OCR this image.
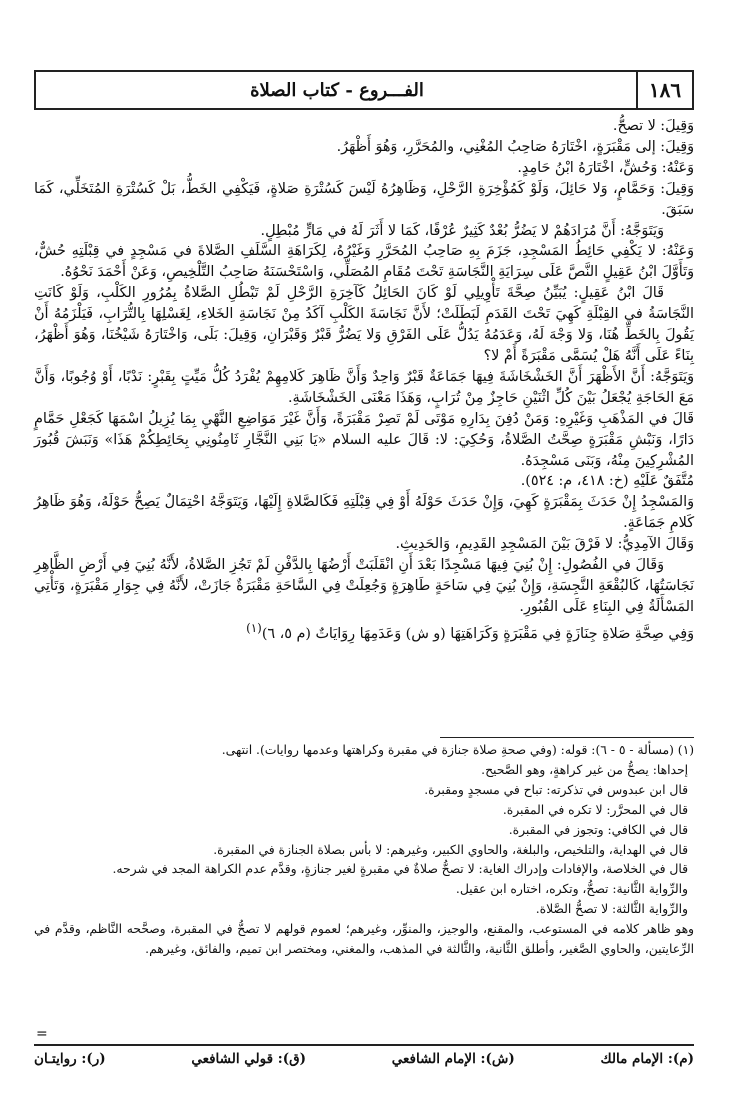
١٨٦
الفـــروع - كتاب الصلاة

وَقِيلَ: لا تصحُّ.

وَقِيلَ: إلى مَقْبَرَةٍ، اخْتَارَهُ صَاحِبُ المُغْنِي، والمُحَرَّرِ، وَهُوَ أَظْهَرُ.

وَعَنْهُ: وَحُشٍّ، اخْتَارَهُ ابْنُ حَامِدٍ.

وَقِيلَ: وَحَمَّامٍ، وَلا حَائِلَ، وَلَوْ كَمُؤْخِرَةِ الرَّحْلِ، وَظَاهِرُهُ لَيْسَ كَسُتْرَةِ صَلاةٍ، فَيَكْفِي الخَطُّ، بَلْ كَسُتْرَةِ المُتَخَلِّي، كَمَا سَبَقَ.

وَيَتَوَجَّهُ: أَنَّ مُرَادَهُمْ لا يَضُرُّ بُعْدٌ كَثِيرٌ عُرْفًا، كَمَا لا أَثَرَ لَهُ في مَارٍّ مُبْطِلٍ.

وَعَنْهُ: لا يَكْفِي حَائِطُ المَسْجِدِ، جَزَمَ بِهِ صَاحِبُ المُحَرَّرِ وَغَيْرُهُ، لِكَرَاهَةِ السَّلَفِ الصَّلاةَ في مَسْجِدٍ في قِبْلَتِهِ حُشٌّ، وَتَأَوَّلَ ابْنُ عَقِيلٍ النَّصَّ عَلَى سِرَايَةِ النَّجَاسَةِ تَحْتَ مُقَامِ المُصَلِّي، وَاسْتَحْسَنَهُ صَاحِبُ التَّلْخِيصِ، وَعَنْ أَحْمَدَ نَحْوُهُ.

قَالَ ابْنُ عَقِيلٍ: يُبَيِّنُ صِحَّةَ تَأْوِيلِي لَوْ كَانَ الحَائِلُ كَآخِرَةِ الرَّحْلِ لَمْ تَبْطُلِ الصَّلاةُ بِمُرُورِ الكَلْبِ، وَلَوْ كَانَتِ النَّجَاسَةُ في القِبْلَةِ كَهِيَ تَحْتَ القَدَمِ لَبَطَلَتْ؛ لأَنَّ نَجَاسَةَ الكَلْبِ آكَدُ مِنْ نَجَاسَةِ الخَلاءِ، لِغَسْلِهَا بِالتُّرَابِ، فَيَلْزَمُهُ أَنْ يَقُولَ بِالخَطِّ هُنَا، وَلا وَجْهَ لَهُ، وَعَدَمُهُ يَدُلُّ عَلَى الفَرْقِ وَلا يَضُرُّ قَبْرٌ وَقَبْرَانِ، وَقِيلَ: بَلَى، وَاخْتَارَهُ شَيْخُنَا، وَهُوَ أَظْهَرُ، بِنَاءً عَلَى أَنَّهُ هَلْ يُسَمَّى مَقْبَرَةً أَمْ لا؟

وَيَتَوَجَّهُ: أَنَّ الأَظْهَرَ أَنَّ الخَشْخَاشَةَ فِيهَا جَمَاعَةٌ قَبْرٌ وَاحِدٌ وَأَنَّ ظَاهِرَ كَلامِهِمْ يُفْرَدُ كُلُّ مَيِّتٍ بِقَبْرٍ: نَدْبًا، أَوْ وُجُوبًا، وَأَنَّ مَعَ الحَاجَةِ يُجْعَلُ بَيْنَ كُلِّ اثْنَيْنِ حَاجِزٌ مِنْ تُرَابٍ، وَهَذَا مَعْنَى الخَشْخَاشَةِ.

قَالَ في المَذْهَبِ وَغَيْرِهِ: وَمَنْ دُفِنَ بِدَارِهِ مَوْتَى لَمْ تَصِرْ مَقْبَرَةً، وَأَنَّ غَيْرَ مَوَاضِعِ النَّهْيِ بِمَا يُزِيلُ اسْمَهَا كَجَعْلِ حَمَّامٍ دَارًا، وَنَبْشِ مَقْبَرَةٍ صِحَّتُ الصَّلاةُ، وَحُكِيَ: لا: قَالَ عليه السلام «يَا بَنِي النَّجَّارِ ثَامِنُونِي بِحَائِطِكُمْ هَذَا» وَنَبَشَ قُبُورَ المُشْرِكِينَ مِنْهُ، وَبَنَى مَسْجِدَهُ.

مُتَّفَقٌ عَلَيْهِ (خ: ٤١٨، م: ٥٢٤).

وَالمَسْجِدُ إِنْ حَدَثَ بِمَقْبَرَةٍ كَهِيَ، وَإِنْ حَدَثَ حَوْلَهُ أَوْ فِي قِبْلَتِهِ فَكَالصَّلاةِ إِلَيْهَا، وَيَتَوَجَّهُ احْتِمَالٌ يَصِحُّ حَوْلَهُ، وَهُوَ ظَاهِرُ كَلامِ جَمَاعَةٍ.

وَقَالَ الآمِدِيُّ: لا فَرْقَ بَيْنَ المَسْجِدِ القَدِيمِ، وَالحَدِيثِ.

وَقَالَ في الفُصُولِ: إِنْ بُنِيَ فِيهَا مَسْجِدًا بَعْدَ أَنِ انْقَلَبَتْ أَرْضُهَا بِالدَّفْنِ لَمْ تَجُزِ الصَّلاةُ، لأَنَّهُ بُنِيَ فِي أَرْضِ الظَّاهِرِ نَجَاسَتُهَا، كَالبُقْعَةِ النَّجِسَةِ، وَإِنْ بُنِيَ فِي سَاحَةٍ طَاهِرَةٍ وَجُعِلَتْ فِي السَّاحَةِ مَقْبَرَةٌ جَازَتْ، لأَنَّهُ فِي جِوَارِ مَقْبَرَةٍ، وَتَأْتِي المَسْأَلَةُ فِي البِنَاءِ عَلَى القُبُورِ.

وَفِي صِحَّةِ صَلاةِ جِنَازَةٍ فِي مَقْبَرَةٍ وَكَرَاهَتِهَا (و ش) وَعَدَمِهَا رِوَايَاتٌ (م ٥، ٦)$^{(١)}$

(١) (مسألة - ٥ - ٦): قوله: (وفي صحةِ صلاة جنازة في مقبرة وكراهتها وعدمها روايات). انتهى.

إحداها: يصحُّ من غير كراهةٍ، وهو الصَّحيح.

قال ابن عبدوس في تذكرته: تباح في مسجدٍ ومقبرة.

قال في المحرَّر: لا تكره في المقبرة.

قال في الكافي: وتجوز في المقبرة.

قال في الهداية، والتلخيص، والبلغة، والحاوي الكبير، وغيرهم: لا بأس بصلاة الجنازة في المقبرة.

قال في الخلاصة، والإفادات وإدراك الغاية: لا تصحُّ صلاةٌ في مقبرةٍ لغير جنازةٍ، وقدَّم عدم الكراهة المجد في شرحه.

والرِّواية الثَّانية: تصحُّ، وتكره، اختاره ابن عقيل.

والرِّواية الثَّالثة: لا تصحُّ الصَّلاة.

وهو ظاهر كلامه في المستوعب، والمقنع، والوجيز، والمنوِّر، وغيرهم؛ لعموم قولهم لا تصحُّ في المقبرة، وصحَّحه النَّاظم، وقدَّم في الرِّعايتين، والحاوي الصَّغير، وأطلق الثَّانية، والثَّالثة في المذهب، والمغني، ومختصر ابن تميم، والفائق، وغيرهم.

=
(م): الإمام مالك
(ش): الإمام الشافعي
(ق): قولي الشافعي
(ر): روايتـان
